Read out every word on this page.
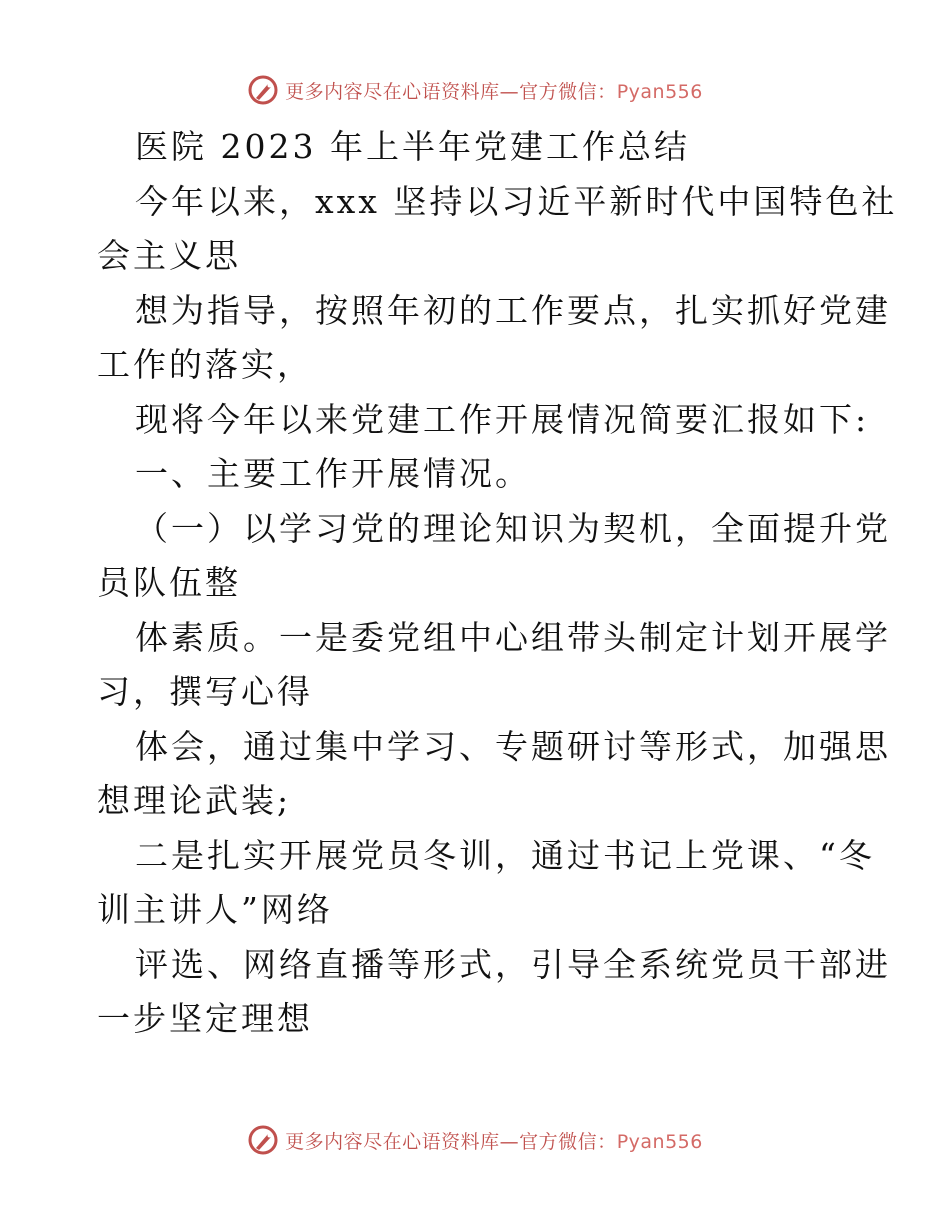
更多内容尽在心语资料库—官方微信：Pyan556
医院 2023 年上半年党建工作总结
今年以来，xxx 坚持以习近平新时代中国特色社
会主义思
想为指导，按照年初的工作要点，扎实抓好党建
工作的落实，
现将今年以来党建工作开展情况简要汇报如下:
一、主要工作开展情况。
（一）以学习党的理论知识为契机，全面提升党
员队伍整
体素质。一是委党组中心组带头制定计划开展学
习，撰写心得
体会，通过集中学习、专题研讨等形式，加强思
想理论武装;
二是扎实开展党员冬训，通过书记上党课、“冬
训主讲人”网络
评选、网络直播等形式，引导全系统党员干部进
一步坚定理想
更多内容尽在心语资料库—官方微信：Pyan556
